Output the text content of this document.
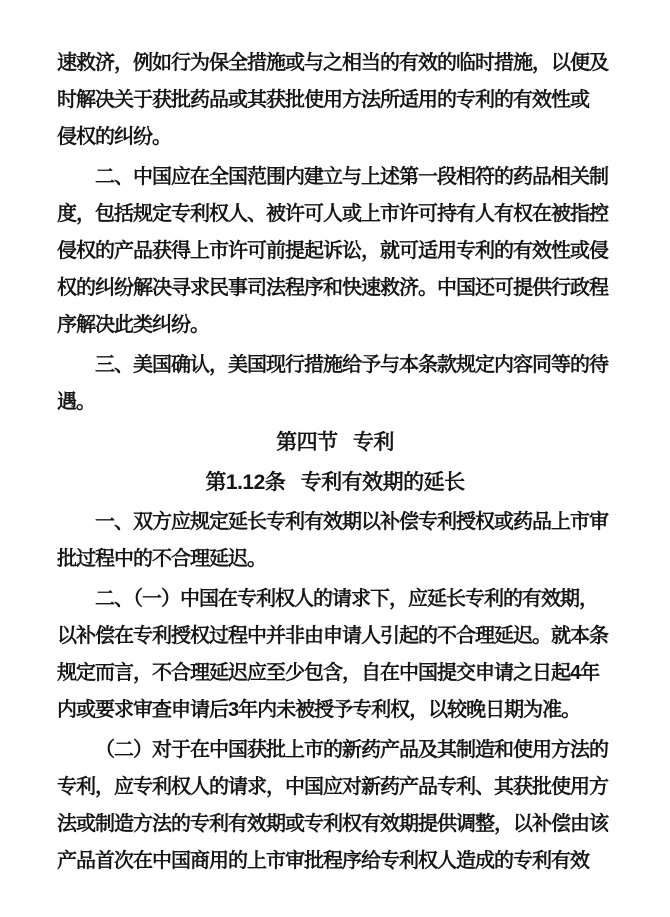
速救济，例如行为保全措施或与之相当的有效的临时措施，以便及
时解决关于获批药品或其获批使用方法所适用的专利的有效性或
侵权的纠纷。
二、中国应在全国范围内建立与上述第一段相符的药品相关制
度，包括规定专利权人、被许可人或上市许可持有人有权在被指控
侵权的产品获得上市许可前提起诉讼，就可适用专利的有效性或侵
权的纠纷解决寻求民事司法程序和快速救济。中国还可提供行政程
序解决此类纠纷。
三、美国确认，美国现行措施给予与本条款规定内容同等的待
遇。
第四节 专利
第1.12条 专利有效期的延长
一、双方应规定延长专利有效期以补偿专利授权或药品上市审
批过程中的不合理延迟。
二、（一）中国在专利权人的请求下，应延长专利的有效期，
以补偿在专利授权过程中并非由申请人引起的不合理延迟。就本条
规定而言，不合理延迟应至少包含，自在中国提交申请之日起4年
内或要求审查申请后3年内未被授予专利权，以较晚日期为准。
（二）对于在中国获批上市的新药产品及其制造和使用方法的
专利，应专利权人的请求，中国应对新药产品专利、其获批使用方
法或制造方法的专利有效期或专利权有效期提供调整，以补偿由该
产品首次在中国商用的上市审批程序给专利权人造成的专利有效
